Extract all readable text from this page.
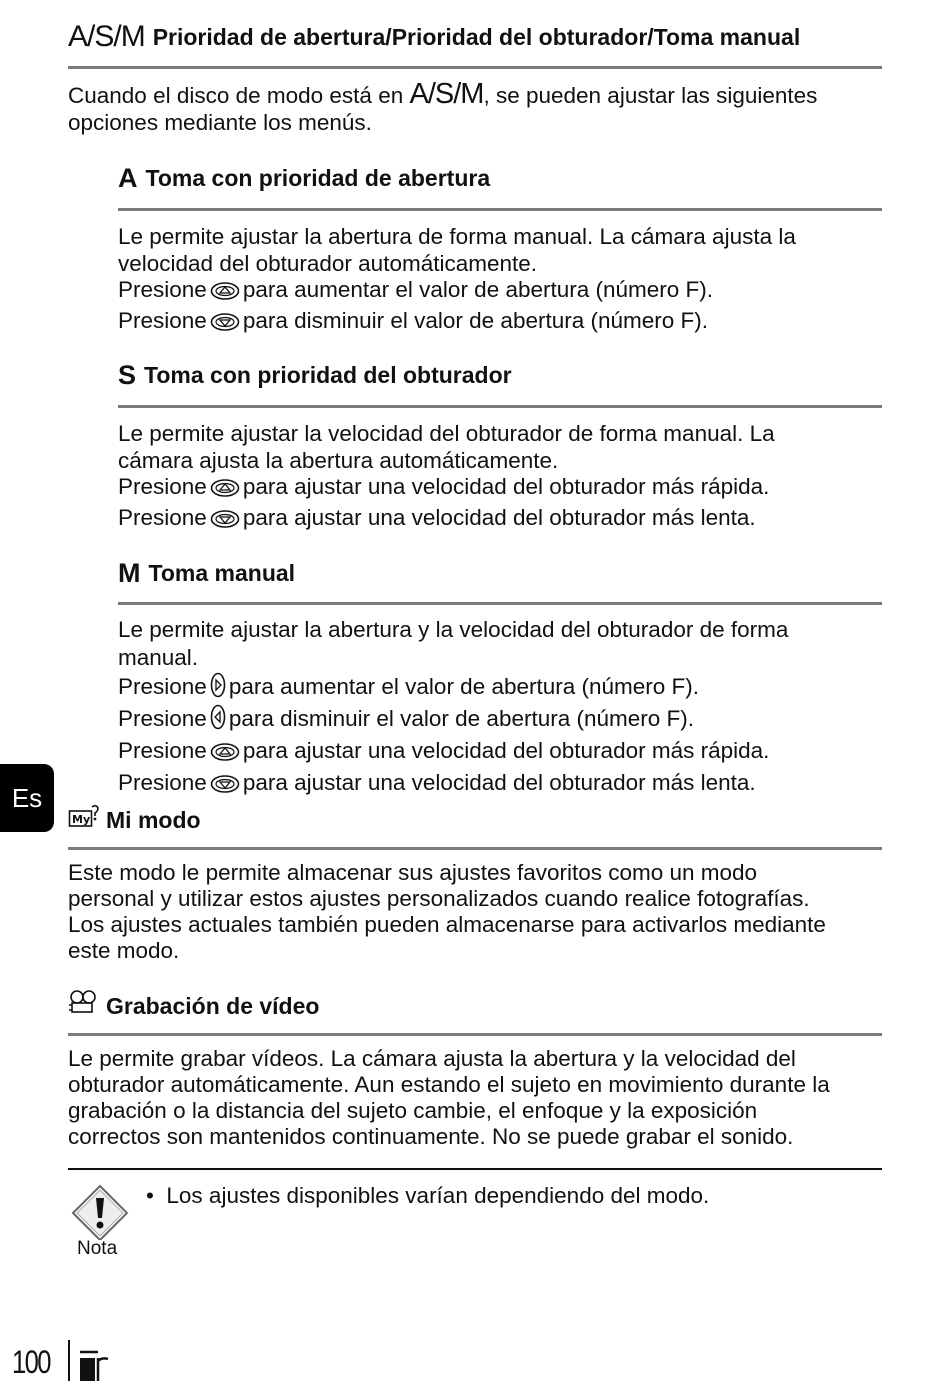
A/S/M Prioridad de abertura/Prioridad del obturador/Toma manual
Cuando el disco de modo está en A/S/M, se pueden ajustar las siguientes
opciones mediante los menús.
A Toma con prioridad de abertura
Le permite ajustar la abertura de forma manual. La cámara ajusta la
velocidad del obturador automáticamente.
Presione para aumentar el valor de abertura (número F).
Presione para disminuir el valor de abertura (número F).
S Toma con prioridad del obturador
Le permite ajustar la velocidad del obturador de forma manual. La
cámara ajusta la abertura automáticamente.
Presione para ajustar una velocidad del obturador más rápida.
Presione para ajustar una velocidad del obturador más lenta.
M Toma manual
Le permite ajustar la abertura y la velocidad del obturador de forma
manual.
Presione para aumentar el valor de abertura (número F).
Presione para disminuir el valor de abertura (número F).
Presione para ajustar una velocidad del obturador más rápida.
Presione para ajustar una velocidad del obturador más lenta.
Es
My Mi modo
Este modo le permite almacenar sus ajustes favoritos como un modo
personal y utilizar estos ajustes personalizados cuando realice fotografías.
Los ajustes actuales también pueden almacenarse para activarlos mediante
este modo.
Grabación de vídeo
Le permite grabar vídeos. La cámara ajusta la abertura y la velocidad del
obturador automáticamente. Aun estando el sujeto en movimiento durante la
grabación o la distancia del sujeto cambie, el enfoque y la exposición
correctos son mantenidos continuamente. No se puede grabar el sonido.
Nota
• Los ajustes disponibles varían dependiendo del modo.
100
